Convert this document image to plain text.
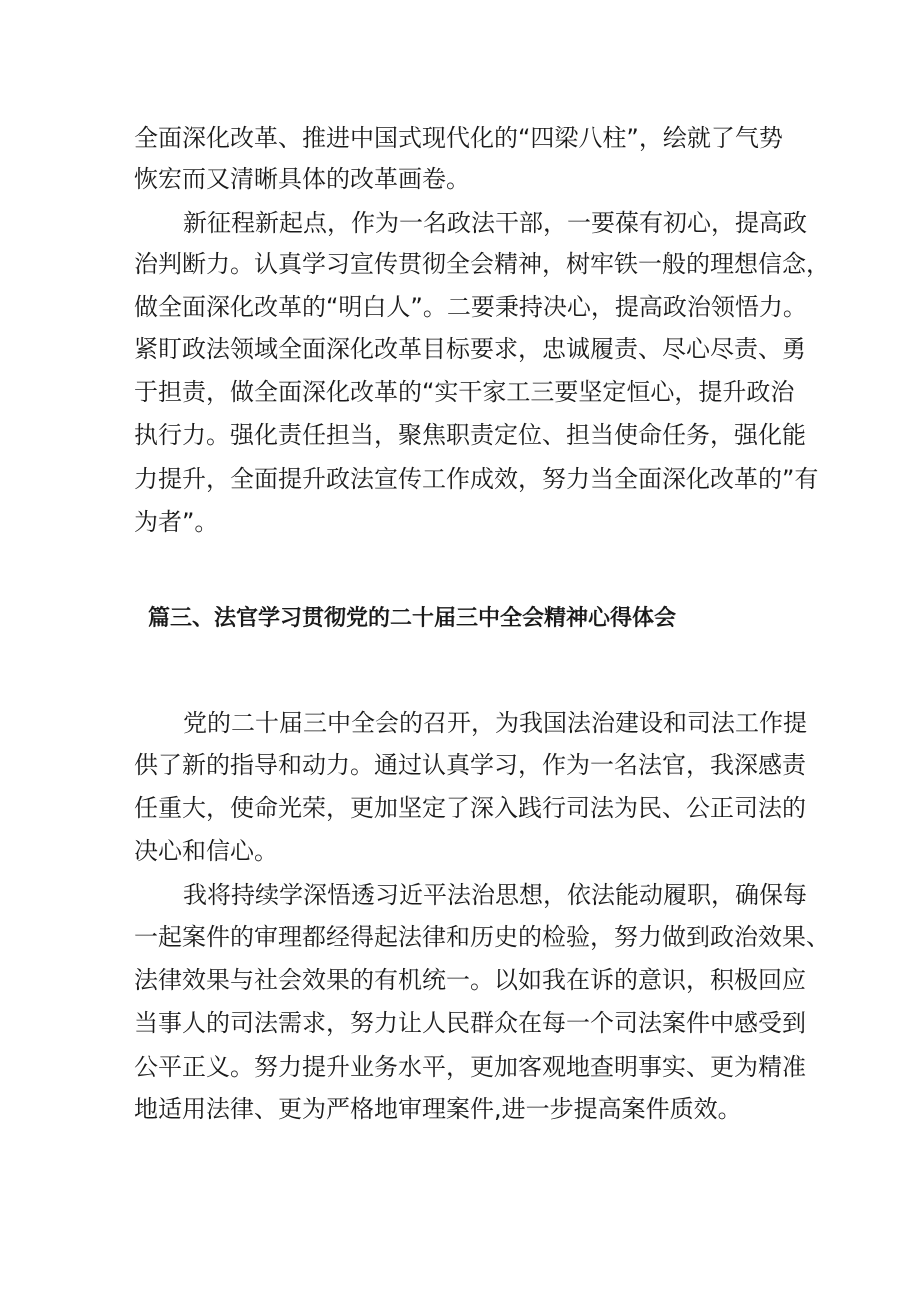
全面深化改革、推进中国式现代化的“四梁八柱”，绘就了气势
恢宏而又清晰具体的改革画卷。
新征程新起点，作为一名政法干部，一要葆有初心，提高政
治判断力。认真学习宣传贯彻全会精神，树牢铁一般的理想信念，
做全面深化改革的“明白人”。二要秉持决心，提高政治领悟力。
紧盯政法领域全面深化改革目标要求，忠诚履责、尽心尽责、勇
于担责，做全面深化改革的“实干家工三要坚定恒心，提升政治
执行力。强化责任担当，聚焦职责定位、担当使命任务，强化能
力提升，全面提升政法宣传工作成效，努力当全面深化改革的”有
为者”。
篇三、法官学习贯彻党的二十届三中全会精神心得体会
党的二十届三中全会的召开，为我国法治建设和司法工作提
供了新的指导和动力。通过认真学习，作为一名法官，我深感责
任重大，使命光荣，更加坚定了深入践行司法为民、公正司法的
决心和信心。
我将持续学深悟透习近平法治思想，依法能动履职，确保每
一起案件的审理都经得起法律和历史的检验，努力做到政治效果、
法律效果与社会效果的有机统一。以如我在诉的意识，积极回应
当事人的司法需求，努力让人民群众在每一个司法案件中感受到
公平正义。努力提升业务水平，更加客观地查明事实、更为精准
地适用法律、更为严格地审理案件,进一步提高案件质效。
